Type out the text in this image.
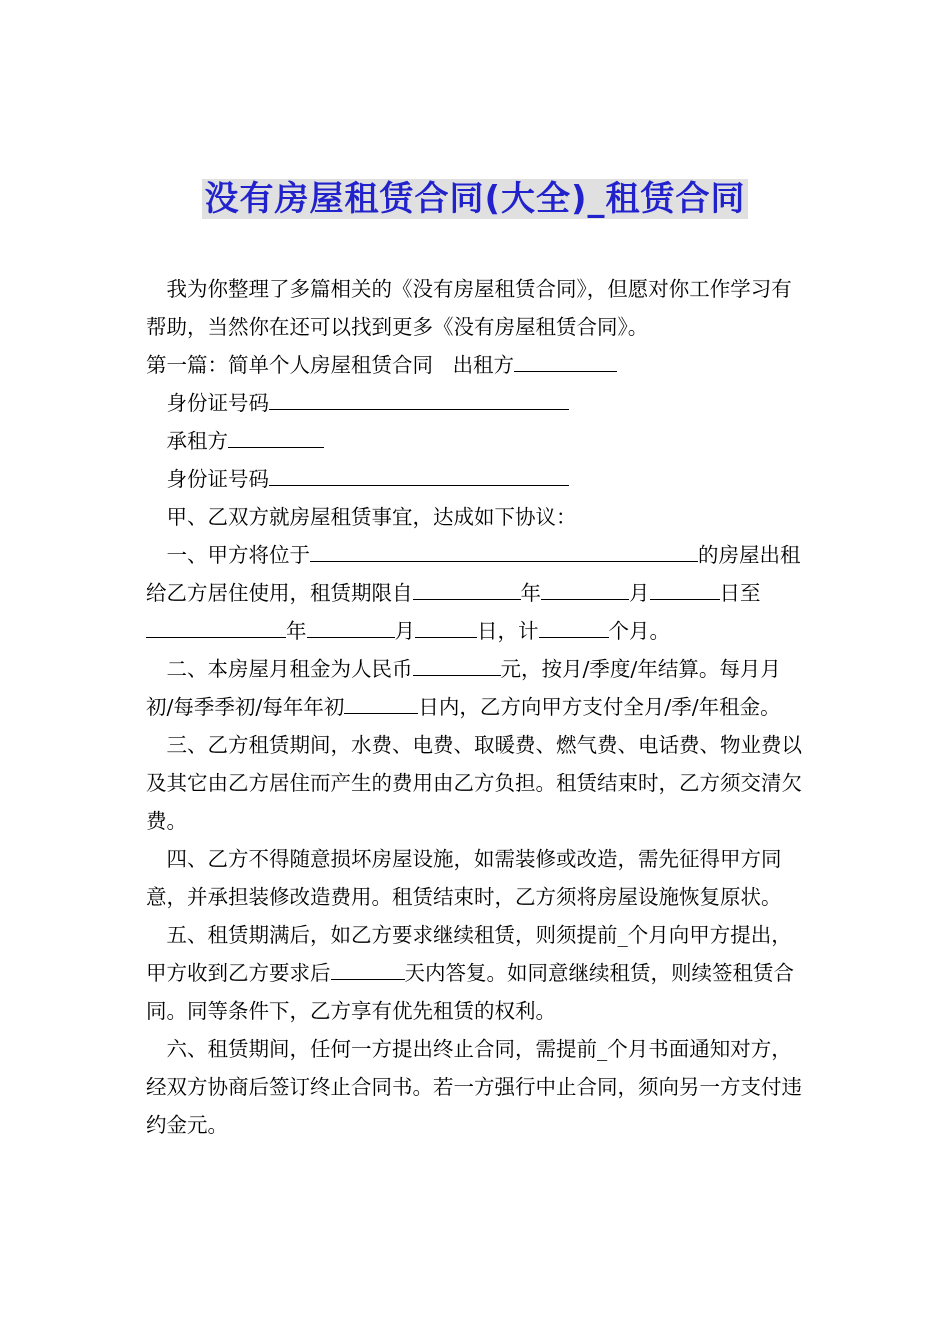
没有房屋租赁合同(大全)_租赁合同

我为你整理了多篇相关的《没有房屋租赁合同》，但愿对你工作学习有帮助，当然你在还可以找到更多《没有房屋租赁合同》。

第一篇：简单个人房屋租赁合同 出租方

身份证号码

承租方

身份证号码

甲、乙双方就房屋租赁事宜，达成如下协议：

一、甲方将位于	的房屋出租给乙方居住使用，租赁期限自	年	月	日至年	月	日，计	个月。

二、本房屋月租金为人民币	元，按月/季度/年结算。每月月初/每季季初/每年年初	日内，乙方向甲方支付全月/季/年租金。

三、乙方租赁期间，水费、电费、取暖费、燃气费、电话费、物业费以及其它由乙方居住而产生的费用由乙方负担。租赁结束时，乙方须交清欠费。

四、乙方不得随意损坏房屋设施，如需装修或改造，需先征得甲方同意，并承担装修改造费用。租赁结束时，乙方须将房屋设施恢复原状。

五、租赁期满后，如乙方要求继续租赁，则须提前_个月向甲方提出，甲方收到乙方要求后	天内答复。如同意继续租赁，则续签租赁合同。同等条件下，乙方享有优先租赁的权利。

六、租赁期间，任何一方提出终止合同，需提前_个月书面通知对方，经双方协商后签订终止合同书。若一方强行中止合同，须向另一方支付违约金元。
